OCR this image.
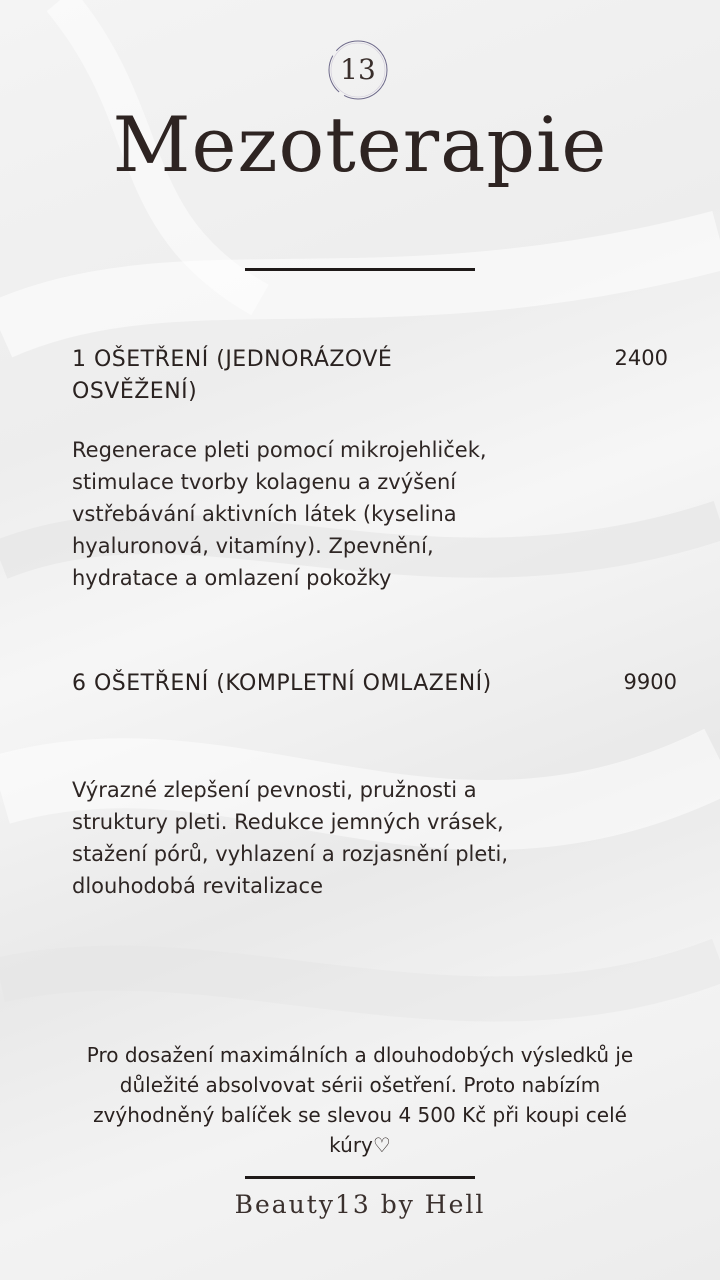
13
Mezoterapie
1 OŠETŘENÍ (JEDNORÁZOVÉ OSVĚŽENÍ)
2400
Regenerace pleti pomocí mikrojehliček, stimulace tvorby kolagenu a zvýšení vstřebávání aktivních látek (kyselina hyaluronová, vitamíny). Zpevnění, hydratace a omlazení pokožky
6 OŠETŘENÍ (KOMPLETNÍ OMLAZENÍ)	9900
Výrazné zlepšení pevnosti, pružnosti a struktury pleti. Redukce jemných vrásek, stažení pórů, vyhlazení a rozjasnění pleti, dlouhodobá revitalizace
Pro dosažení maximálních a dlouhodobých výsledků je důležité absolvovat sérii ošetření. Proto nabízím zvýhodněný balíček se slevou 4 500 Kč při koupi celé kúry♡
Beauty13 by Hell
